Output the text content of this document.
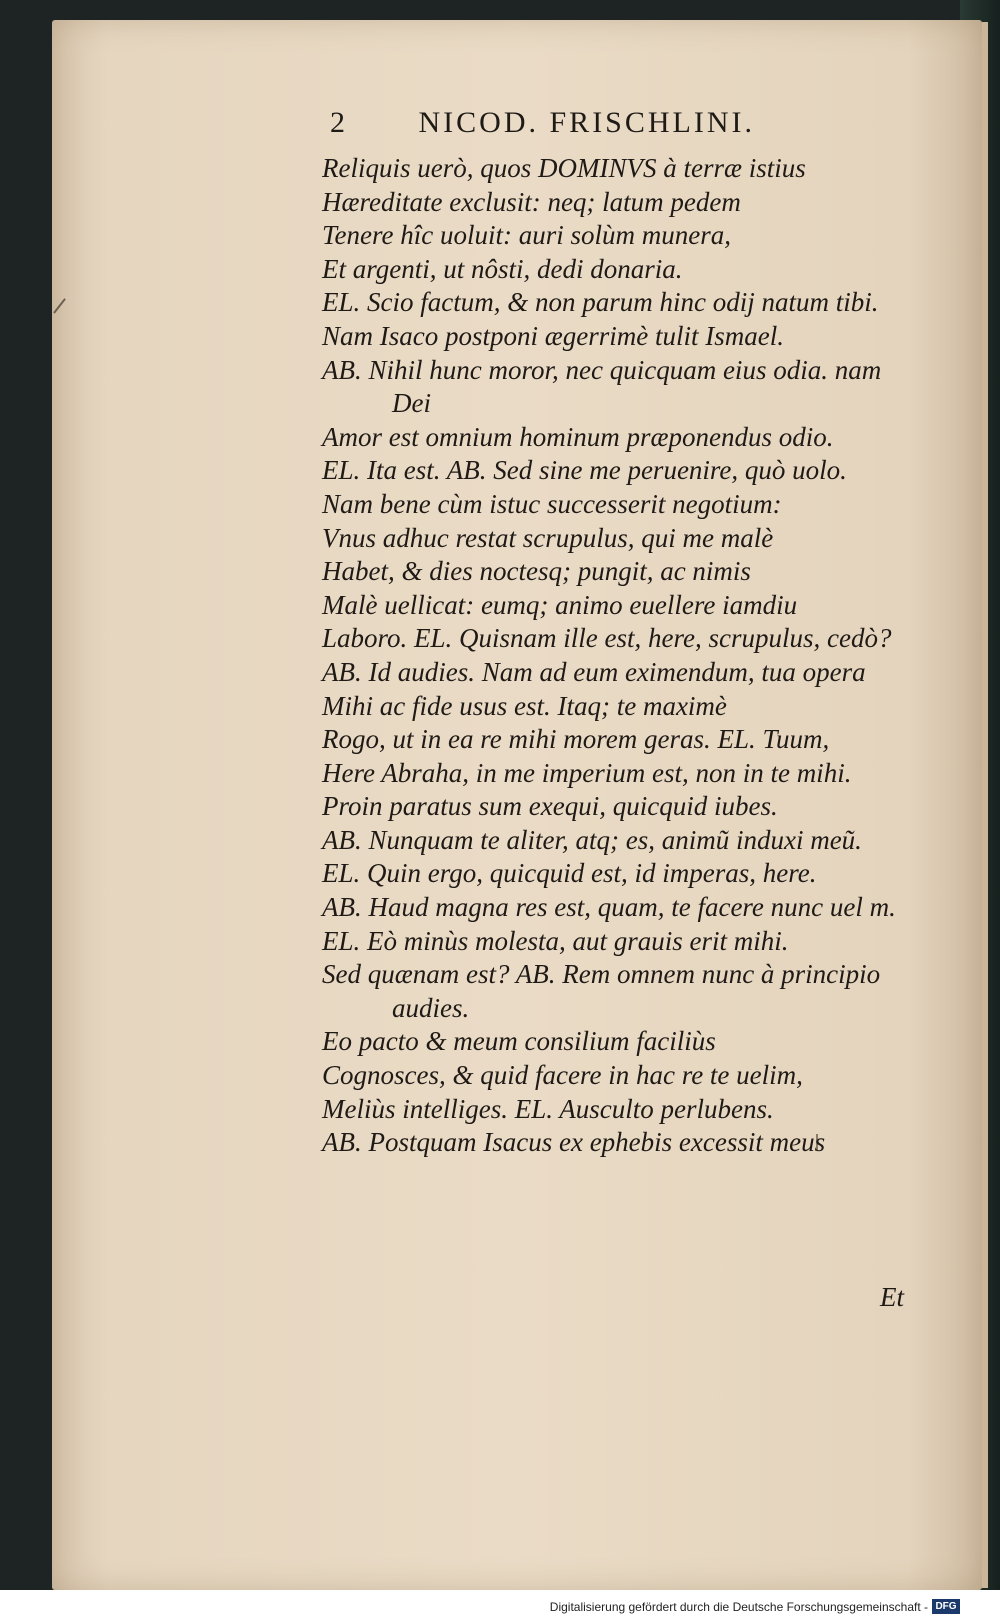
2 NICOD. FRISCHLINI.
Reliquis uerò, quos DOMINVS à terræ istius
Hæreditate exclusit: neq; latum pedem
Tenere hîc uoluit: auri solùm munera,
Et argenti, ut nôsti, dedi donaria.
EL. Scio factum, & non parum hinc odij natum tibi.
Nam Isaco postponi ægerrimè tulit Ismael.
AB. Nihil hunc moror, nec quicquam eius odia. nam
Dei
Amor est omnium hominum præponendus odio.
EL. Ita est. AB. Sed sine me peruenire, quò uolo.
Nam bene cùm istuc successerit negotium:
Vnus adhuc restat scrupulus, qui me malè
Habet, & dies noctesq; pungit, ac nimis
Malè uellicat: eumq; animo euellere iamdiu
Laboro. EL. Quisnam ille est, here, scrupulus, cedò?
AB. Id audies. Nam ad eum eximendum, tua opera
Mihi ac fide usus est. Itaq; te maximè
Rogo, ut in ea re mihi morem geras. EL. Tuum,
Here Abraha, in me imperium est, non in te mihi.
Proin paratus sum exequi, quicquid iubes.
AB. Nunquam te aliter, atq; es, animũ induxi meũ.
EL. Quin ergo, quicquid est, id imperas, here.
AB. Haud magna res est, quam, te facere nunc uel m.
EL. Eò minùs molesta, aut grauis erit mihi.
Sed quænam est? AB. Rem omnem nunc à principio
audies.
Eo pacto & meum consilium faciliùs
Cognosces, & quid facere in hac re te uelim,
Meliùs intelliges. EL. Ausculto perlubens.
AB. Postquam Isacus ex ephebis excessit meus
Et
Digitalisierung gefördert durch die Deutsche Forschungsgemeinschaft - DFG
